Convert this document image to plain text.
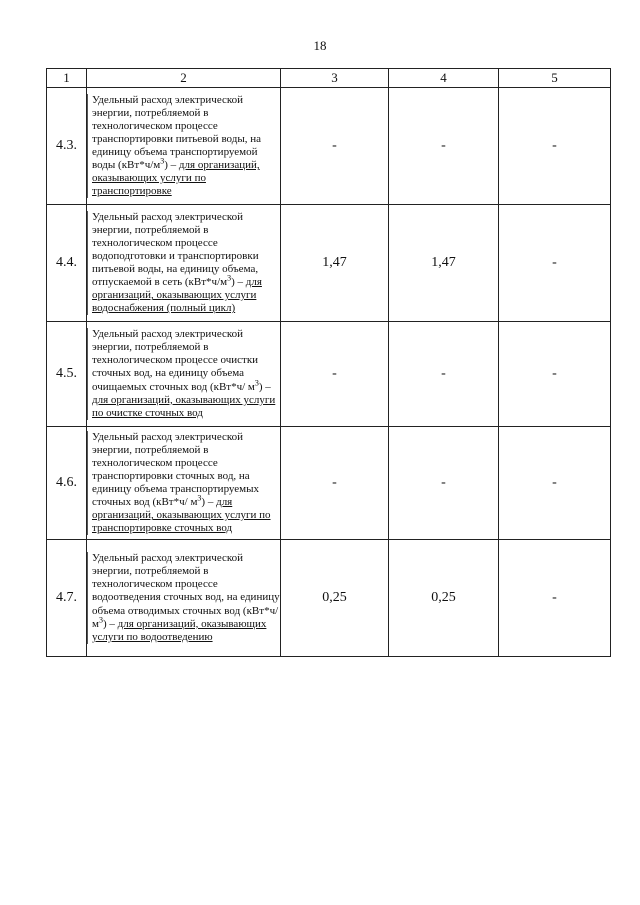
18
1	2	3	4	5
4.3.	Удельный расход электрической энергии, потребляемой в технологическом процессе транспортировки питьевой воды, на единицу объема транспортируемой воды $(кВт*ч/м^3)$ – для организаций, оказывающих услуги по транспортировке	-	-	-
4.4.	Удельный расход электрической энергии, потребляемой в технологическом процессе водоподготовки и транспортировки питьевой воды, на единицу объема, отпускаемой в сеть $(кВт*ч/м^3)$ – для организаций, оказывающих услуги водоснабжения (полный цикл)	1,47	1,47	-
4.5.	Удельный расход электрической энергии, потребляемой в технологическом процессе очистки сточных вод, на единицу объема очищаемых сточных вод (кВт*ч/ $м^3$) – для организаций, оказывающих услуги по очистке сточных вод	-	-	-
4.6.	Удельный расход электрической энергии, потребляемой в технологическом процессе транспортировки сточных вод, на единицу объема транспортируемых сточных вод (кВт*ч/ $м^3$) – для организаций, оказывающих услуги по транспортировке сточных вод	-	-	-
4.7.	Удельный расход электрической энергии, потребляемой в технологическом процессе водоотведения сточных вод, на единицу объема отводимых сточных вод (кВт*ч/ $м^3$) – для организаций, оказывающих услуги по водоотведению	0,25	0,25	-
